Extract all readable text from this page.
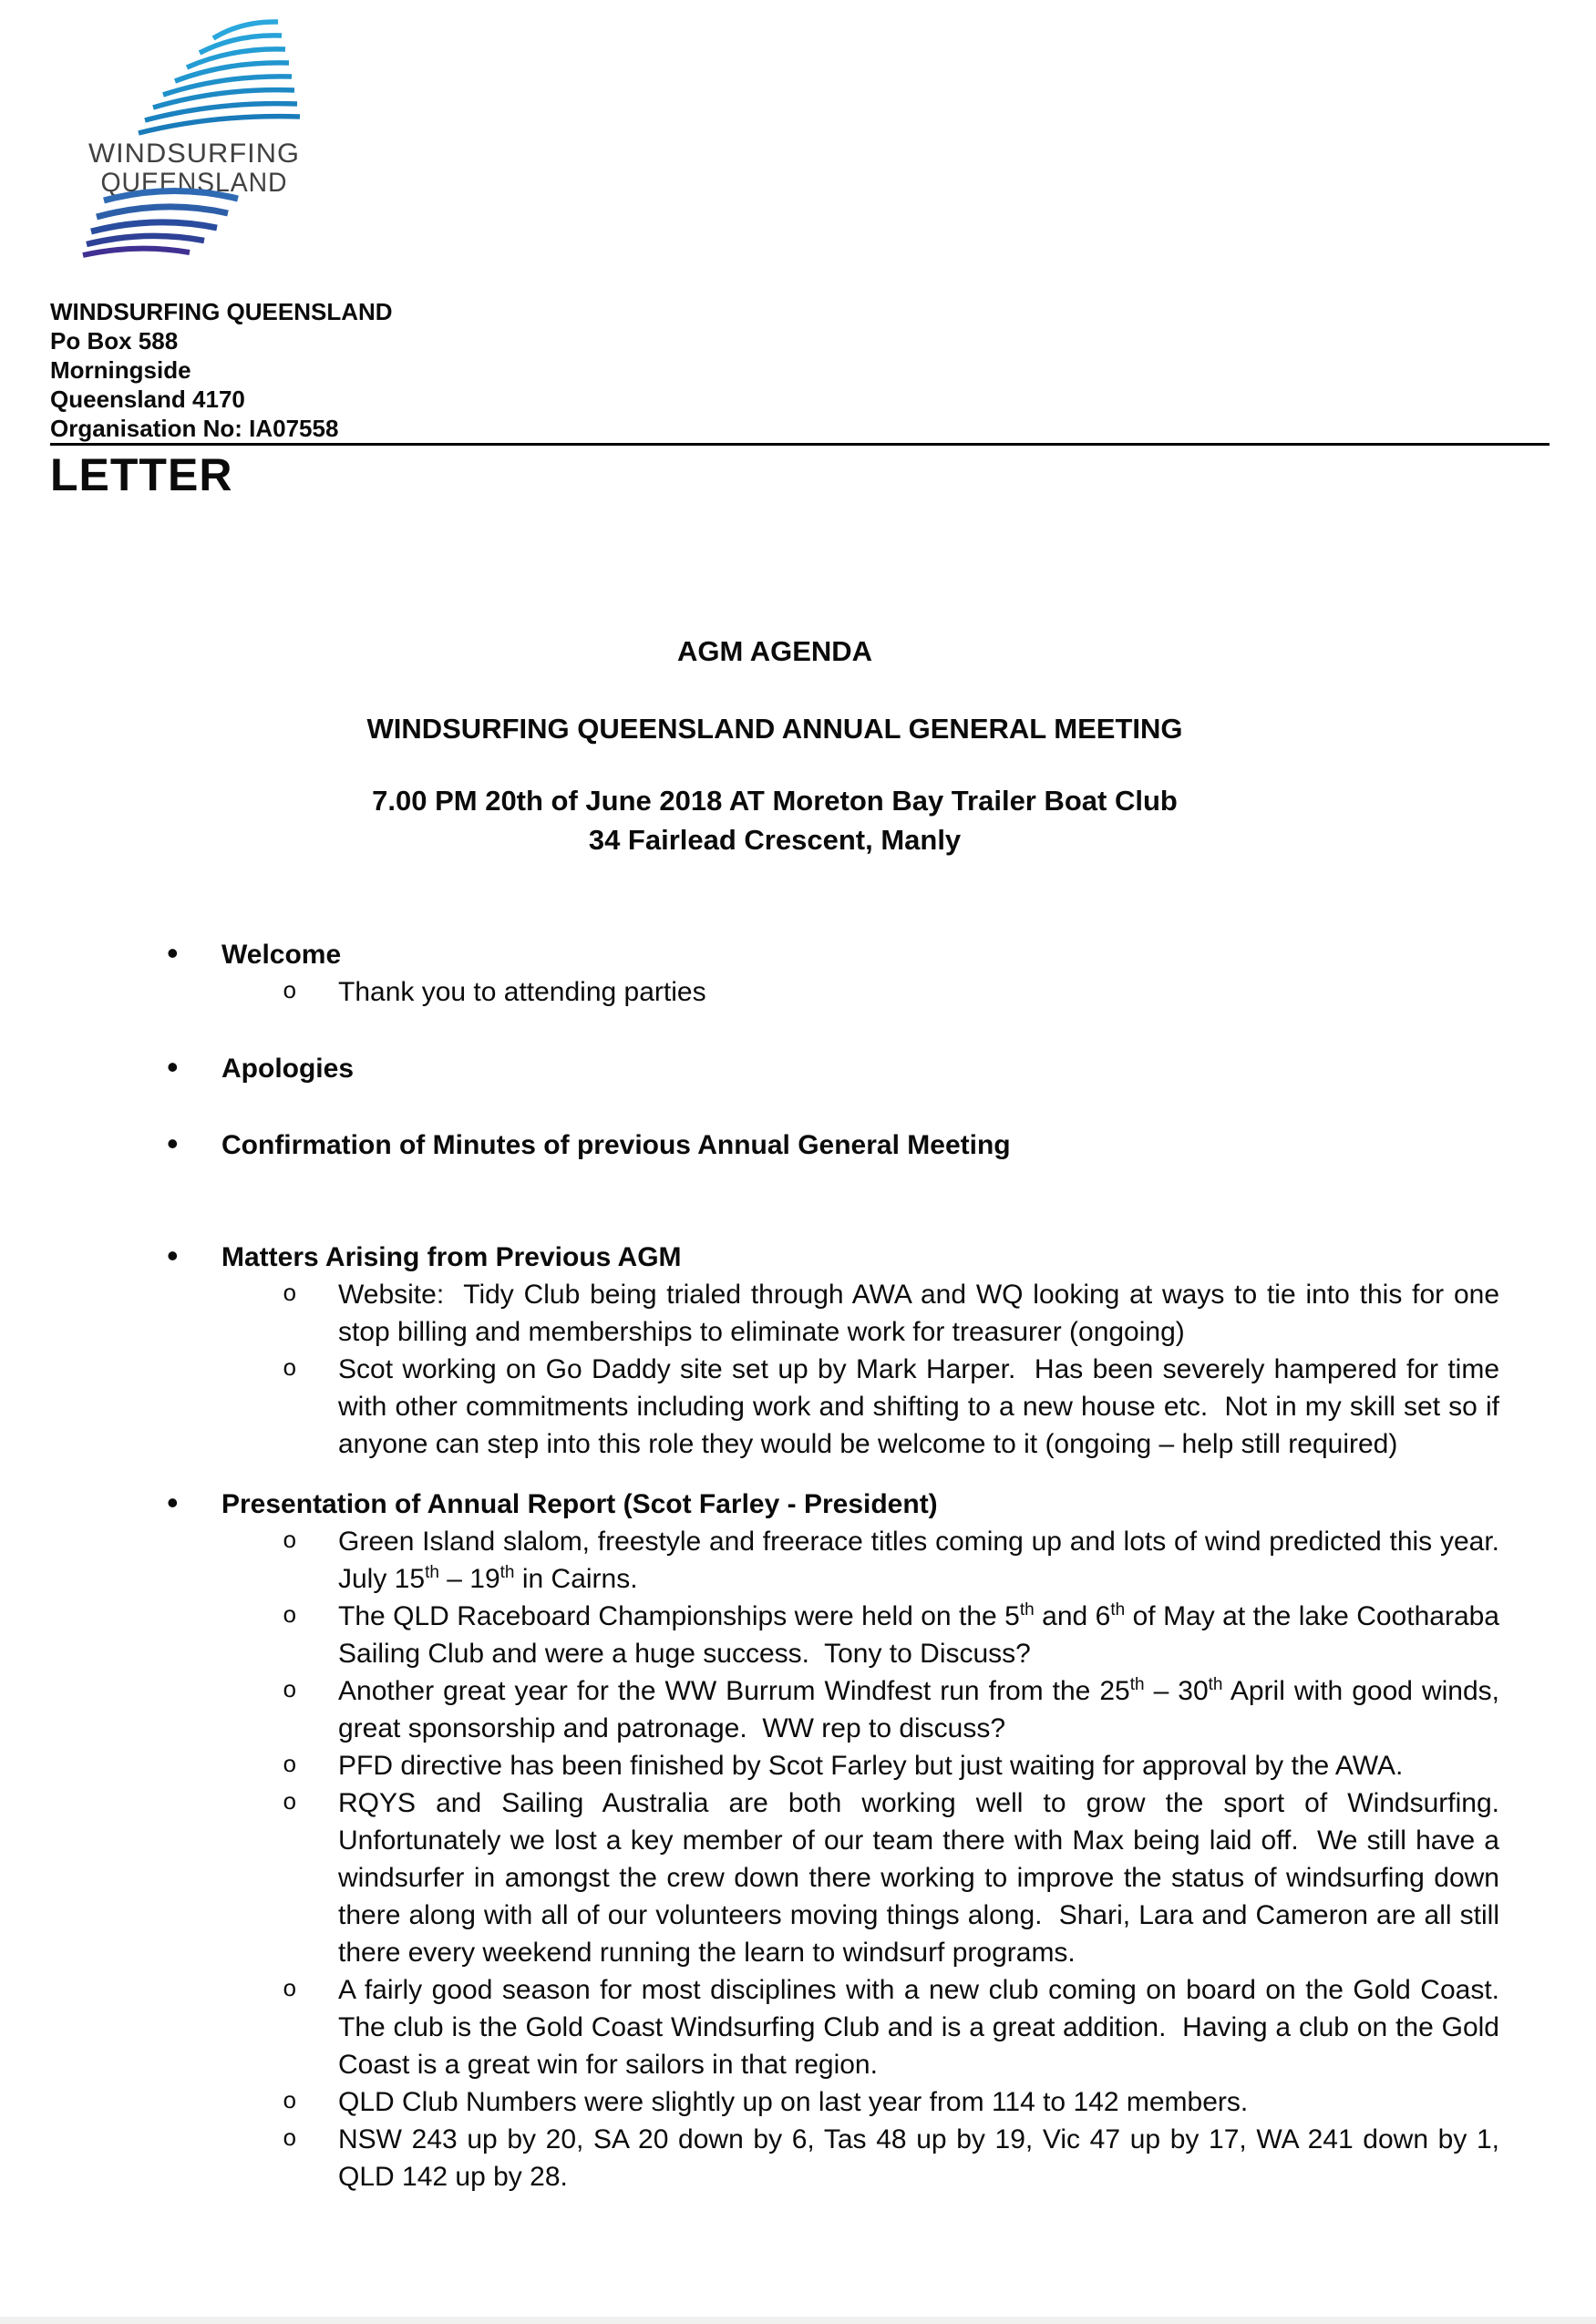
WINDSURFING
QUEENSLAND
WINDSURFING QUEENSLAND
Po Box 588
Morningside
Queensland 4170
Organisation No: IA07558
LETTER
AGM AGENDA
WINDSURFING QUEENSLAND ANNUAL GENERAL MEETING
7.00 PM 20th of June 2018 AT Moreton Bay Trailer Boat Club
34 Fairlead Crescent, Manly
• Welcome
o Thank you to attending parties
• Apologies
• Confirmation of Minutes of previous Annual General Meeting
• Matters Arising from Previous AGM
o Website:  Tidy Club being trialed through AWA and WQ looking at ways to tie into this for one stop billing and memberships to eliminate work for treasurer (ongoing)
o Scot working on Go Daddy site set up by Mark Harper.  Has been severely hampered for time with other commitments including work and shifting to a new house etc.  Not in my skill set so if anyone can step into this role they would be welcome to it (ongoing – help still required)
• Presentation of Annual Report (Scot Farley - President)
o Green Island slalom, freestyle and freerace titles coming up and lots of wind predicted this year.  July 15th – 19th in Cairns.
o The QLD Raceboard Championships were held on the 5th and 6th of May at the lake Cootharaba Sailing Club and were a huge success.  Tony to Discuss?
o Another great year for the WW Burrum Windfest run from the 25th – 30th April with good winds, great sponsorship and patronage.  WW rep to discuss?
o PFD directive has been finished by Scot Farley but just waiting for approval by the AWA.
o RQYS and Sailing Australia are both working well to grow the sport of Windsurfing.  Unfortunately we lost a key member of our team there with Max being laid off.  We still have a windsurfer in amongst the crew down there working to improve the status of windsurfing down there along with all of our volunteers moving things along.  Shari, Lara and Cameron are all still there every weekend running the learn to windsurf programs.
o A fairly good season for most disciplines with a new club coming on board on the Gold Coast.  The club is the Gold Coast Windsurfing Club and is a great addition.  Having a club on the Gold Coast is a great win for sailors in that region.
o QLD Club Numbers were slightly up on last year from 114 to 142 members.
o NSW 243 up by 20, SA 20 down by 6, Tas 48 up by 19, Vic 47 up by 17, WA 241 down by 1, QLD 142 up by 28.
